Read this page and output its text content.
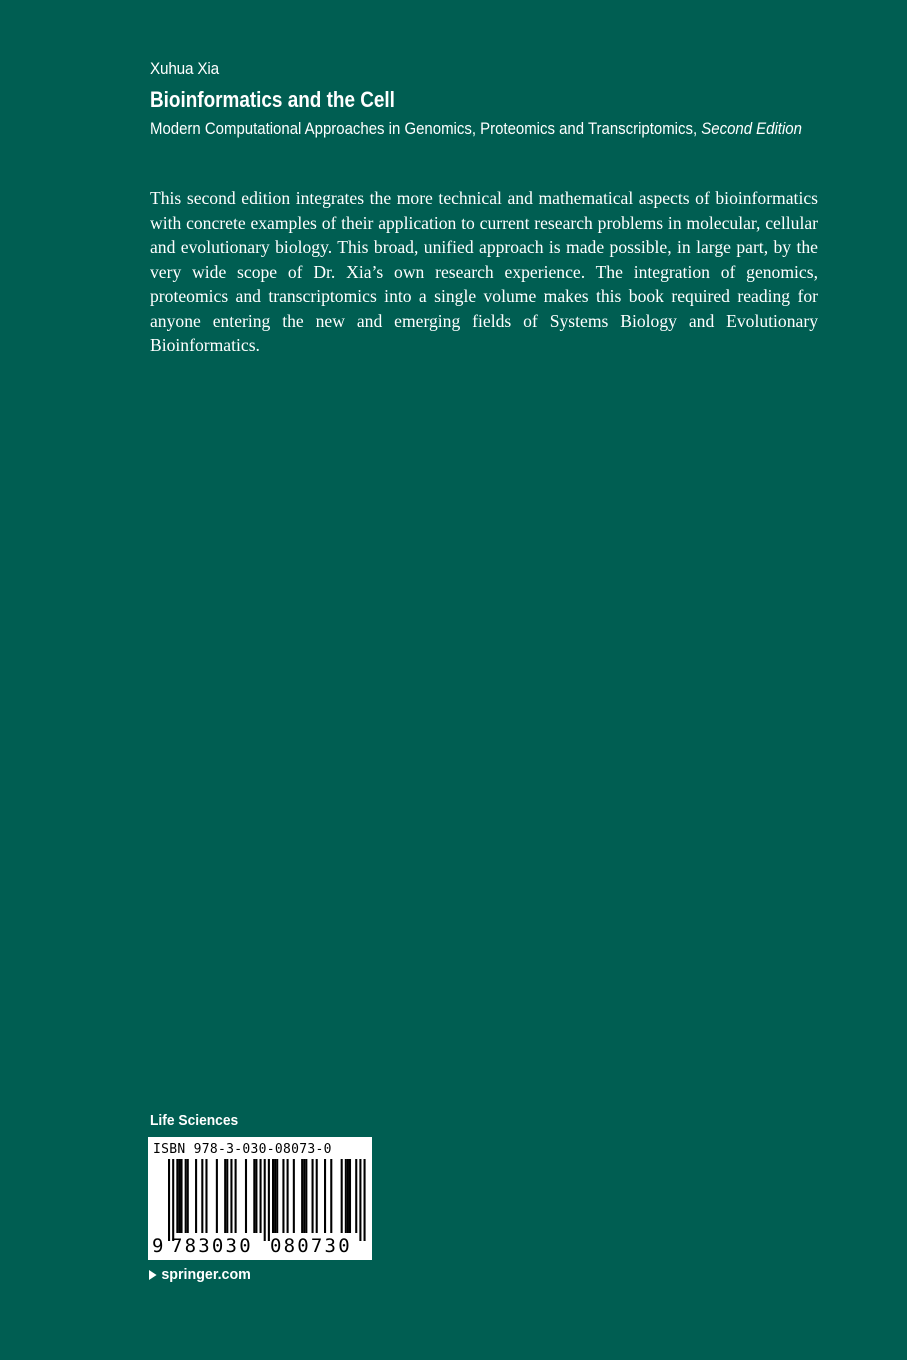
Xuhua Xia
Bioinformatics and the Cell
Modern Computational Approaches in Genomics, Proteomics and Transcriptomics, Second Edition

This second edition integrates the more technical and mathematical aspects of bioinformatics with concrete examples of their application to current research problems in molecular, cellular and evolutionary biology. This broad, unified approach is made possible, in large part, by the very wide scope of Dr. Xia’s own research experience. The integration of genomics, proteomics and transcriptomics into a single volume makes this book required reading for anyone entering the new and emerging fields of Systems Biology and Evolutionary Bioinformatics.

Life Sciences
ISBN 978-3-030-08073-0
9 783030 080730
springer.com
